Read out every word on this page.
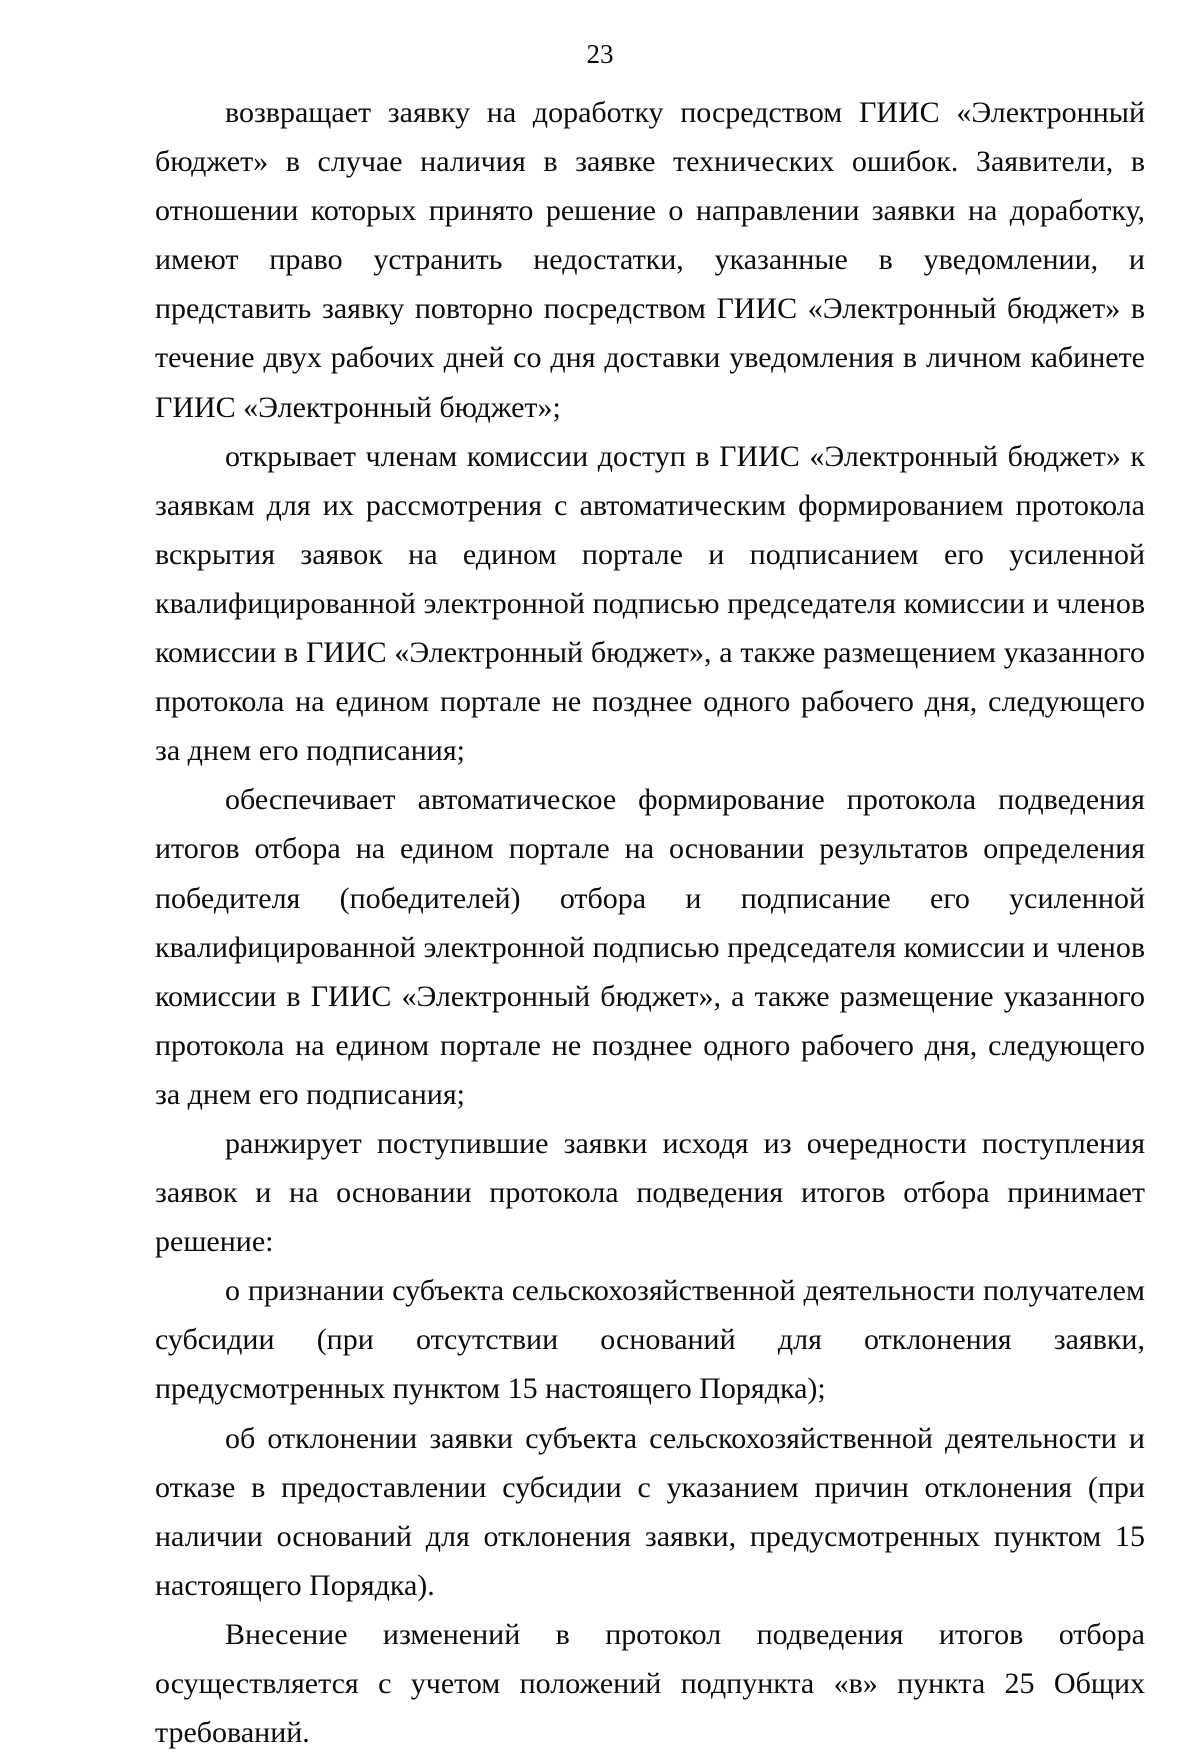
23

возвращает заявку на доработку посредством ГИИС «Электронный бюджет» в случае наличия в заявке технических ошибок. Заявители, в отношении которых принято решение о направлении заявки на доработку, имеют право устранить недостатки, указанные в уведомлении, и представить заявку повторно посредством ГИИС «Электронный бюджет» в течение двух рабочих дней со дня доставки уведомления в личном кабинете ГИИС «Электронный бюджет»;

открывает членам комиссии доступ в ГИИС «Электронный бюджет» к заявкам для их рассмотрения с автоматическим формированием протокола вскрытия заявок на едином портале и подписанием его усиленной квалифицированной электронной подписью председателя комиссии и членов комиссии в ГИИС «Электронный бюджет», а также размещением указанного протокола на едином портале не позднее одного рабочего дня, следующего за днем его подписания;

обеспечивает автоматическое формирование протокола подведения итогов отбора на едином портале на основании результатов определения победителя (победителей) отбора и подписание его усиленной квалифицированной электронной подписью председателя комиссии и членов комиссии в ГИИС «Электронный бюджет», а также размещение указанного протокола на едином портале не позднее одного рабочего дня, следующего за днем его подписания;

ранжирует поступившие заявки исходя из очередности поступления заявок и на основании протокола подведения итогов отбора принимает решение:

о признании субъекта сельскохозяйственной деятельности получателем субсидии (при отсутствии оснований для отклонения заявки, предусмотренных пунктом 15 настоящего Порядка);

об отклонении заявки субъекта сельскохозяйственной деятельности и отказе в предоставлении субсидии с указанием причин отклонения (при наличии оснований для отклонения заявки, предусмотренных пунктом 15 настоящего Порядка).

Внесение изменений в протокол подведения итогов отбора осуществляется с учетом положений подпункта «в» пункта 25 Общих требований.
